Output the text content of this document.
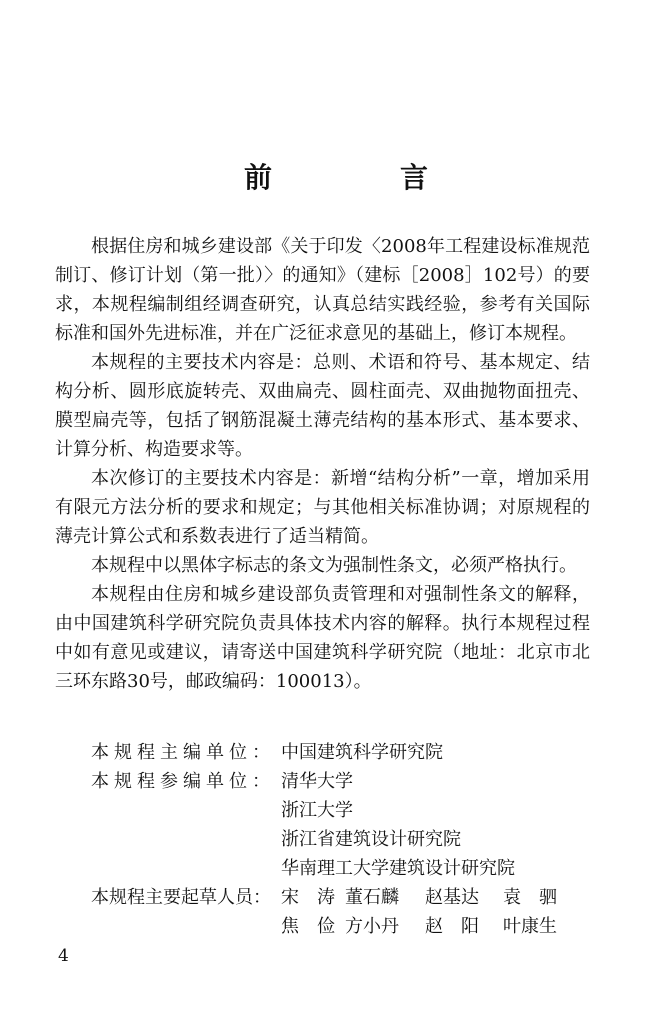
前　言

根据住房和城乡建设部《关于印发〈2008年工程建设标准规范制订、修订计划（第一批）〉的通知》（建标［2008］102号）的要求，本规程编制组经调查研究，认真总结实践经验，参考有关国际标准和国外先进标准，并在广泛征求意见的基础上，修订本规程。

本规程的主要技术内容是：总则、术语和符号、基本规定、结构分析、圆形底旋转壳、双曲扁壳、圆柱面壳、双曲抛物面扭壳、膜型扁壳等，包括了钢筋混凝土薄壳结构的基本形式、基本要求、计算分析、构造要求等。

本次修订的主要技术内容是：新增“结构分析”一章，增加采用有限元方法分析的要求和规定；与其他相关标准协调；对原规程的薄壳计算公式和系数表进行了适当精简。

本规程中以黑体字标志的条文为强制性条文，必须严格执行。

本规程由住房和城乡建设部负责管理和对强制性条文的解释，由中国建筑科学研究院负责具体技术内容的解释。执行本规程过程中如有意见或建议，请寄送中国建筑科学研究院（地址：北京市北三环东路30号，邮政编码：100013）。

本规程主编单位： 中国建筑科学研究院
本规程参编单位： 清华大学
浙江大学
浙江省建筑设计研究院
华南理工大学建筑设计研究院
本规程主要起草人员： 宋　涛 董石麟	赵基达	袁　驷
焦　俭 方小丹	赵　阳	叶康生
4
